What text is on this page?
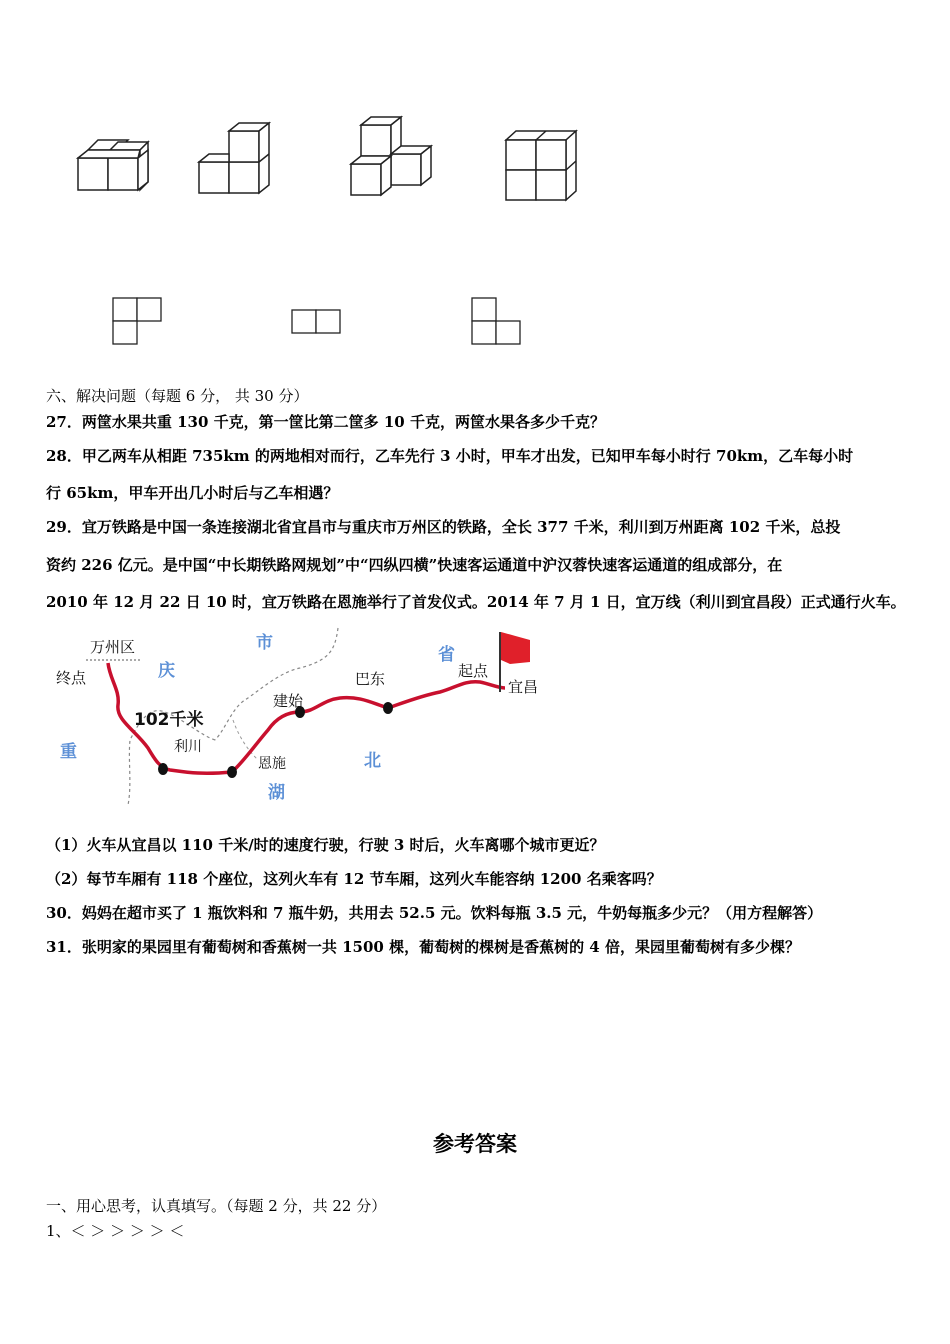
六、解决问题（每题 6 分， 共 30 分）
27．两筐水果共重 130 千克，第一筐比第二筐多 10 千克，两筐水果各多少千克？
28．甲乙两车从相距 735km 的两地相对而行，乙车先行 3 小时，甲车才出发，已知甲车每小时行 70km，乙车每小时
行 65km，甲车开出几小时后与乙车相遇？
29．宜万铁路是中国一条连接湖北省宜昌市与重庆市万州区的铁路，全长 377 千米，利川到万州距离 102 千米，总投
资约 226 亿元。是中国“中长期铁路网规划”中“四纵四横”快速客运通道中沪汉蓉快速客运通道的组成部分，在
2010 年 12 月 22 日 10 时，宜万铁路在恩施举行了首发仪式。2014 年 7 月 1 日，宜万线（利川到宜昌段）正式通行火车。
万州区
终点	庆
市
102千米
利川
重
建始
恩施
湖
巴东
北
省
起点
宜昌
（1）火车从宜昌以 110 千米/时的速度行驶，行驶 3 时后，火车离哪个城市更近？
（2）每节车厢有 118 个座位，这列火车有 12 节车厢，这列火车能容纳 1200 名乘客吗？
30．妈妈在超市买了 1 瓶饮料和 7 瓶牛奶，共用去 52.5 元。饮料每瓶 3.5 元，牛奶每瓶多少元？（用方程解答）
31．张明家的果园里有葡萄树和香蕉树一共 1500 棵，葡萄树的棵树是香蕉树的 4 倍，果园里葡萄树有多少棵？
参考答案
一、用心思考，认真填写。（每题 2 分，共 22 分）
1、＜ ＞ ＞ ＞ ＞ ＜
